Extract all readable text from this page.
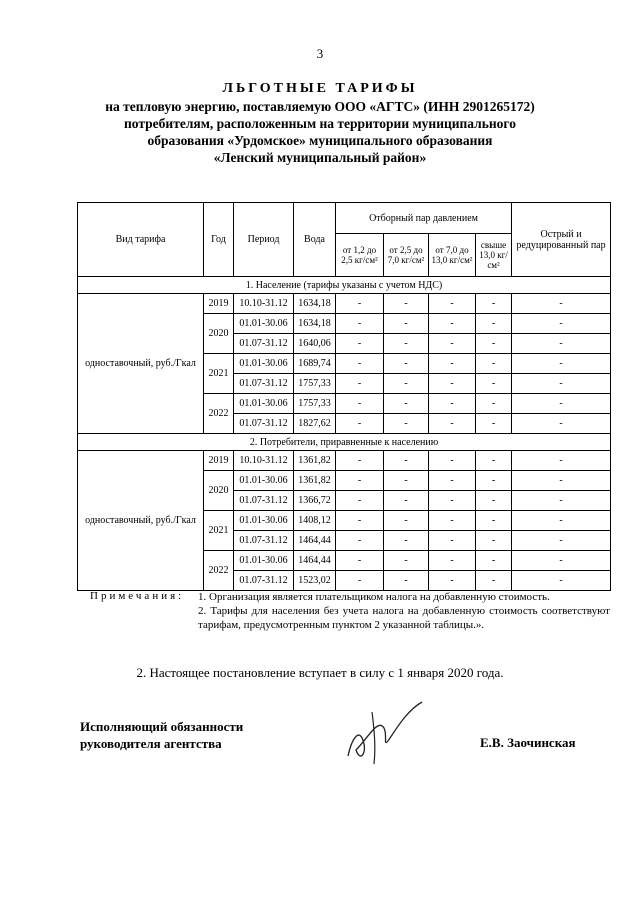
3
ЛЬГОТНЫЕ ТАРИФЫ
на тепловую энергию, поставляемую ООО «АГТС» (ИНН 2901265172)
потребителям, расположенным на территории муниципального
образования «Урдомское» муниципального образования
«Ленский муниципальный район»
Вид тарифа	Год	Период	Вода	Отборный пар давлением				Острый и редуцированный пар
				от 1,2 до 2,5 кг/см²	от 2,5 до 7,0 кг/см²	от 7,0 до 13,0 кг/см²	свыше 13,0 кг/см²	
1. Население (тарифы указаны с учетом НДС)								
одноставочный, руб./Гкал	2019	10.10-31.12	1634,18	-	-	-	-	-
	2020	01.01-30.06	1634,18	-	-	-	-	-
		01.07-31.12	1640,06	-	-	-	-	-
	2021	01.01-30.06	1689,74	-	-	-	-	-
		01.07-31.12	1757,33	-	-	-	-	-
	2022	01.01-30.06	1757,33	-	-	-	-	-
		01.07-31.12	1827,62	-	-	-	-	-
2. Потребители, приравненные к населению								
одноставочный, руб./Гкал	2019	10.10-31.12	1361,82	-	-	-	-	-
	2020	01.01-30.06	1361,82	-	-	-	-	-
		01.07-31.12	1366,72	-	-	-	-	-
	2021	01.01-30.06	1408,12	-	-	-	-	-
		01.07-31.12	1464,44	-	-	-	-	-
	2022	01.01-30.06	1464,44	-	-	-	-	-
		01.07-31.12	1523,02	-	-	-	-	-
Примечания: 1. Организация является плательщиком налога на добавленную стоимость.
2. Тарифы для населения без учета налога на добавленную стоимость соответствуют тарифам, предусмотренным пунктом 2 указанной таблицы.».
2. Настоящее постановление вступает в силу с 1 января 2020 года.
Исполняющий обязанности
руководителя агентства	Е.В. Заочинская
